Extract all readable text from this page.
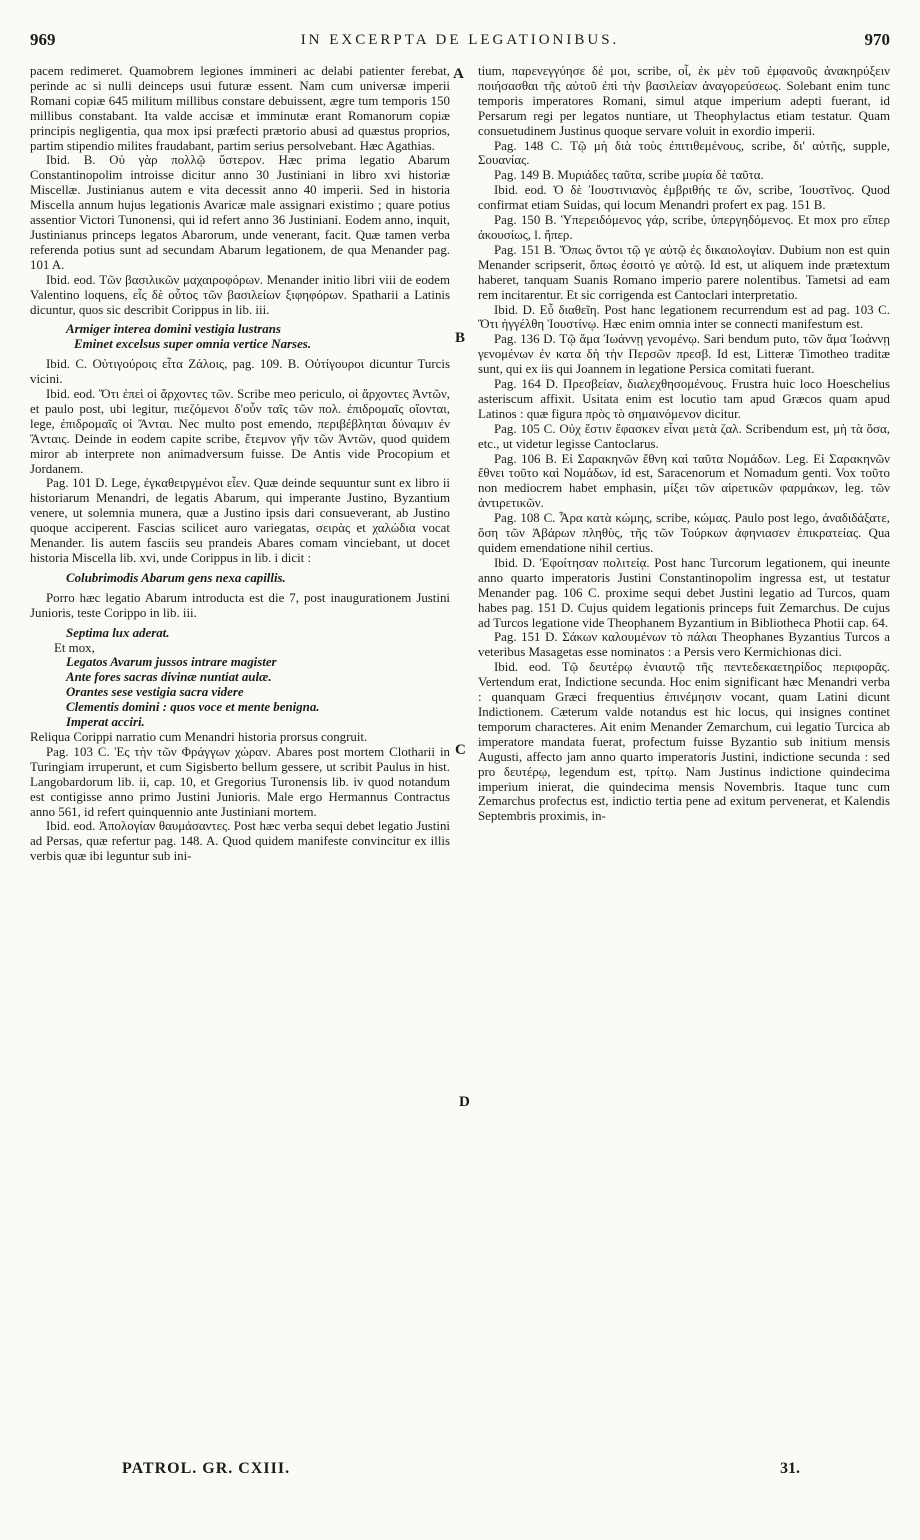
969	IN EXCERPTA DE LEGATIONIBUS.	970

pacem redimeret. Quamobrem legiones immineri ac delabi patienter ferebat, perinde ac si nulli deinceps usui futuræ essent. Nam cum universæ imperii Romani copiæ 645 militum millibus constare debuissent, ægre tum temporis 150 millibus constabant. Ita valde accisæ et imminutæ erant Romanorum copiæ principis negligentia, qua mox ipsi præfecti prætorio abusi ad quæstus proprios, partim stipendio milites fraudabant, partim serius persolvebant. Hæc Agathias.

Ibid. B. Οὐ γὰρ πολλῷ ὕστερον. Hæc prima legatio Abarum Constantinopolim introisse dicitur anno 30 Justiniani in libro xvi historiæ Miscellæ. Justinianus autem e vita decessit anno 40 imperii. Sed in historia Miscella annum hujus legationis Avaricæ male assignari existimo ; quare potius assentior Victori Tunonensi, qui id refert anno 36 Justiniani. Eodem anno, inquit, Justinianus princeps legatos Abarorum, unde venerant, facit. Quæ tamen verba referenda potius sunt ad secundam Abarum legationem, de qua Menander pag. 101 A.

Ibid. eod. Τῶν βασιλικῶν μαχαιροφόρων. Menander initio libri viii de eodem Valentino loquens, εἷς δὲ οὗτος τῶν βασιλείων ξιφηφόρων. Spatharii a Latinis dicuntur, quos sic describit Corippus in lib. iii.

Armiger interea domini vestigia lustrans

Eminet excelsus super omnia vertice Narses.

Ibid. C. Οὐτιγούροις εἶτα Ζάλοις, pag. 109. B. Οὐτίγουροι dicuntur Turcis vicini.

Ibid. eod. Ὅτι ἐπεὶ οἱ ἄρχοντες τῶν. Scribe meo periculo, οἱ ἄρχοντες Ἀντῶν, et paulo post, ubi legitur, πιεζόμενοι δ'οὖν ταῖς τῶν πολ. ἐπιδρομαῖς οἴονται, lege, ἐπιδρομαῖς οἱ Ἄνται. Nec multo post emendo, περιβέβληται δύναμιν ἐν Ἄνταις. Deinde in eodem capite scribe, ἔτεμνον γῆν τῶν Ἀντῶν, quod quidem miror ab interprete non animadversum fuisse. De Antis vide Procopium et Jordanem.

Pag. 101 D. Lege, ἐγκαθειργμένοι εἶεν. Quæ deinde sequuntur sunt ex libro ii historiarum Menandri, de legatis Abarum, qui imperante Justino, Byzantium venere, ut solemnia munera, quæ a Justino ipsis dari consueverant, ab Justino quoque acciperent. Fascias scilicet auro variegatas, σειρὰς et χαλώδια vocat Menander. Iis autem fasciis seu prandeis Abares comam vinciebant, ut docet historia Miscella lib. xvi, unde Corippus in lib. i dicit :

Colubrimodis Abarum gens nexa capillis.

Porro hæc legatio Abarum introducta est die 7, post inaugurationem Justini Junioris, teste Corippo in lib. iii.

Septima lux aderat.

Et mox,

Legatos Avarum jussos intrare magister

Ante fores sacras divinæ nuntiat aulæ.

Orantes sese vestigia sacra videre

Clementis domini : quos voce et mente benigna.

Imperat acciri.

Reliqua Corippi narratio cum Menandri historia prorsus congruit.

Pag. 103 C. Ἐς τὴν τῶν Φράγγων χώραν. Abares post mortem Clotharii in Turingiam irruperunt, et cum Sigisberto bellum gessere, ut scribit Paulus in hist. Langobardorum lib. ii, cap. 10, et Gregorius Turonensis lib. iv quod notandum est contigisse anno primo Justini Junioris. Male ergo Hermannus Contractus anno 561, id refert quinquennio ante Justiniani mortem.

Ibid. eod. Ἀπολογίαν θαυμάσαντες. Post hæc verba sequi debet legatio Justini ad Persas, quæ refertur pag. 148. A. Quod quidem manifeste convincitur ex illis verbis quæ ibi leguntur sub ini-

tium, παρενεγγύησε δέ μοι, scribe, οἷ, ἐκ μὲν τοῦ ἐμφανοῦς ἀνακηρύξειν ποιήσασθαι τῆς αὐτοῦ ἐπὶ τὴν βασιλείαν ἀναγορεύσεως. Solebant enim tunc temporis imperatores Romani, simul atque imperium adepti fuerant, id Persarum regi per legatos nuntiare, ut Theophylactus etiam testatur. Quam consuetudinem Justinus quoque servare voluit in exordio imperii.

Pag. 148 C. Τῷ μὴ διὰ τοὺς ἐπιτιθεμένους, scribe, δι' αὐτῆς, supple, Σουανίας.

Pag. 149 B. Μυριάδες ταῦτα, scribe μυρία δὲ ταῦτα.

Ibid. eod. Ὁ δὲ Ἰουστινιανὸς ἐμβριθής τε ὤν, scribe, Ἰουστῖνος. Quod confirmat etiam Suidas, qui locum Menandri profert ex pag. 151 B.

Pag. 150 B. Ὑπερειδόμενος γάρ, scribe, ὑπεργηδόμενος. Et mox pro εἴπερ ἀκουσίως, l. ἤπερ.

Pag. 151 B. Ὅπως ὄντοι τῷ γε αὐτῷ ἐς δικαιολογίαν. Dubium non est quin Menander scripserit, ὅπως ἐσοιτό γε αὐτῷ. Id est, ut aliquem inde prætextum haberet, tanquam Suanis Romano imperio parere nolentibus. Tametsi ad eam rem incitarentur. Et sic corrigenda est Cantoclari interpretatio.

Ibid. D. Εὖ διαθεῖη. Post hanc legationem recurrendum est ad pag. 103 C. Ὅτι ἠγγέλθη Ἰουστίνῳ. Hæc enim omnia inter se connecti manifestum est.

Pag. 136 D. Τῷ ἅμα Ἰωάννῃ γενομένῳ. Sari bendum puto, τῶν ἅμα Ἰωάννῃ γενομένων ἐν κατα δὴ τὴν Περσῶν πρεσβ. Id est, Litteræ Timotheo traditæ sunt, qui ex iis qui Joannem in legatione Persica comitati fuerant.

Pag. 164 D. Πρεσβείαν, διαλεχθησομένους. Frustra huic loco Hoeschelius asteriscum affixit. Usitata enim est locutio tam apud Græcos quam apud Latinos : quæ figura πρὸς τὸ σημαινόμενον dicitur.

Pag. 105 C. Οὐχ ἔστιν ἔφασκεν εἶναι μετὰ ζαλ. Scribendum est, μὴ τὰ ὅσα, etc., ut videtur legisse Cantoclarus.

Pag. 106 B. Εἰ Σαρακηνῶν ἔθνη καὶ ταῦτα Νομάδων. Leg. Εἰ Σαρακηνῶν ἔθνει τοῦτο καὶ Νομάδων, id est, Saracenorum et Nomadum genti. Vox τοῦτο non mediocrem habet emphasin, μίξει τῶν αἱρετικῶν φαρμάκων, leg. τῶν ἀντιρετικῶν.

Pag. 108 C. Ἆρα κατὰ κώμης, scribe, κώμας. Paulo post lego, ἀναδιδάξατε, ὅση τῶν Ἀβάρων πληθὺς, τῆς τῶν Τούρκων ἀφηνιασεν ἐπικρατείας. Qua quidem emendatione nihil certius.

Ibid. D. Ἐφοίτησαν πολιτείᾳ. Post hanc Turcorum legationem, qui ineunte anno quarto imperatoris Justini Constantinopolim ingressa est, ut testatur Menander pag. 106 C. proxime sequi debet Justini legatio ad Turcos, quam habes pag. 151 D. Cujus quidem legationis princeps fuit Zemarchus. De cujus ad Turcos legatione vide Theophanem Byzantium in Bibliotheca Photii cap. 64.

Pag. 151 D. Σάκων καλουμένων τὸ πάλαι Theophanes Byzantius Turcos a veteribus Masagetas esse nominatos : a Persis vero Kermichionas dici.

Ibid. eod. Τῷ δευτέρῳ ἐνιαυτῷ τῆς πεντεδεκαετηρίδος περιφορᾶς. Vertendum erat, Indictione secunda. Hoc enim significant hæc Menandri verba : quanquam Græci frequentius ἐπινέμησιν vocant, quam Latini dicunt Indictionem. Cæterum valde notandus est hic locus, qui insignes continet temporum characteres. Ait enim Menander Zemarchum, cui legatio Turcica ab imperatore mandata fuerat, profectum fuisse Byzantio sub initium mensis Augusti, affecto jam anno quarto imperatoris Justini, indictione secunda : sed pro δευτέρῳ, legendum est, τρίτῳ. Nam Justinus indictione quindecima imperium inierat, die quindecima mensis Novembris. Itaque tunc cum Zemarchus profectus est, indictio tertia pene ad exitum pervenerat, et Kalendis Septembris proximis, in-

A
B
C
D
PATROL. GR. CXIII.	31.
